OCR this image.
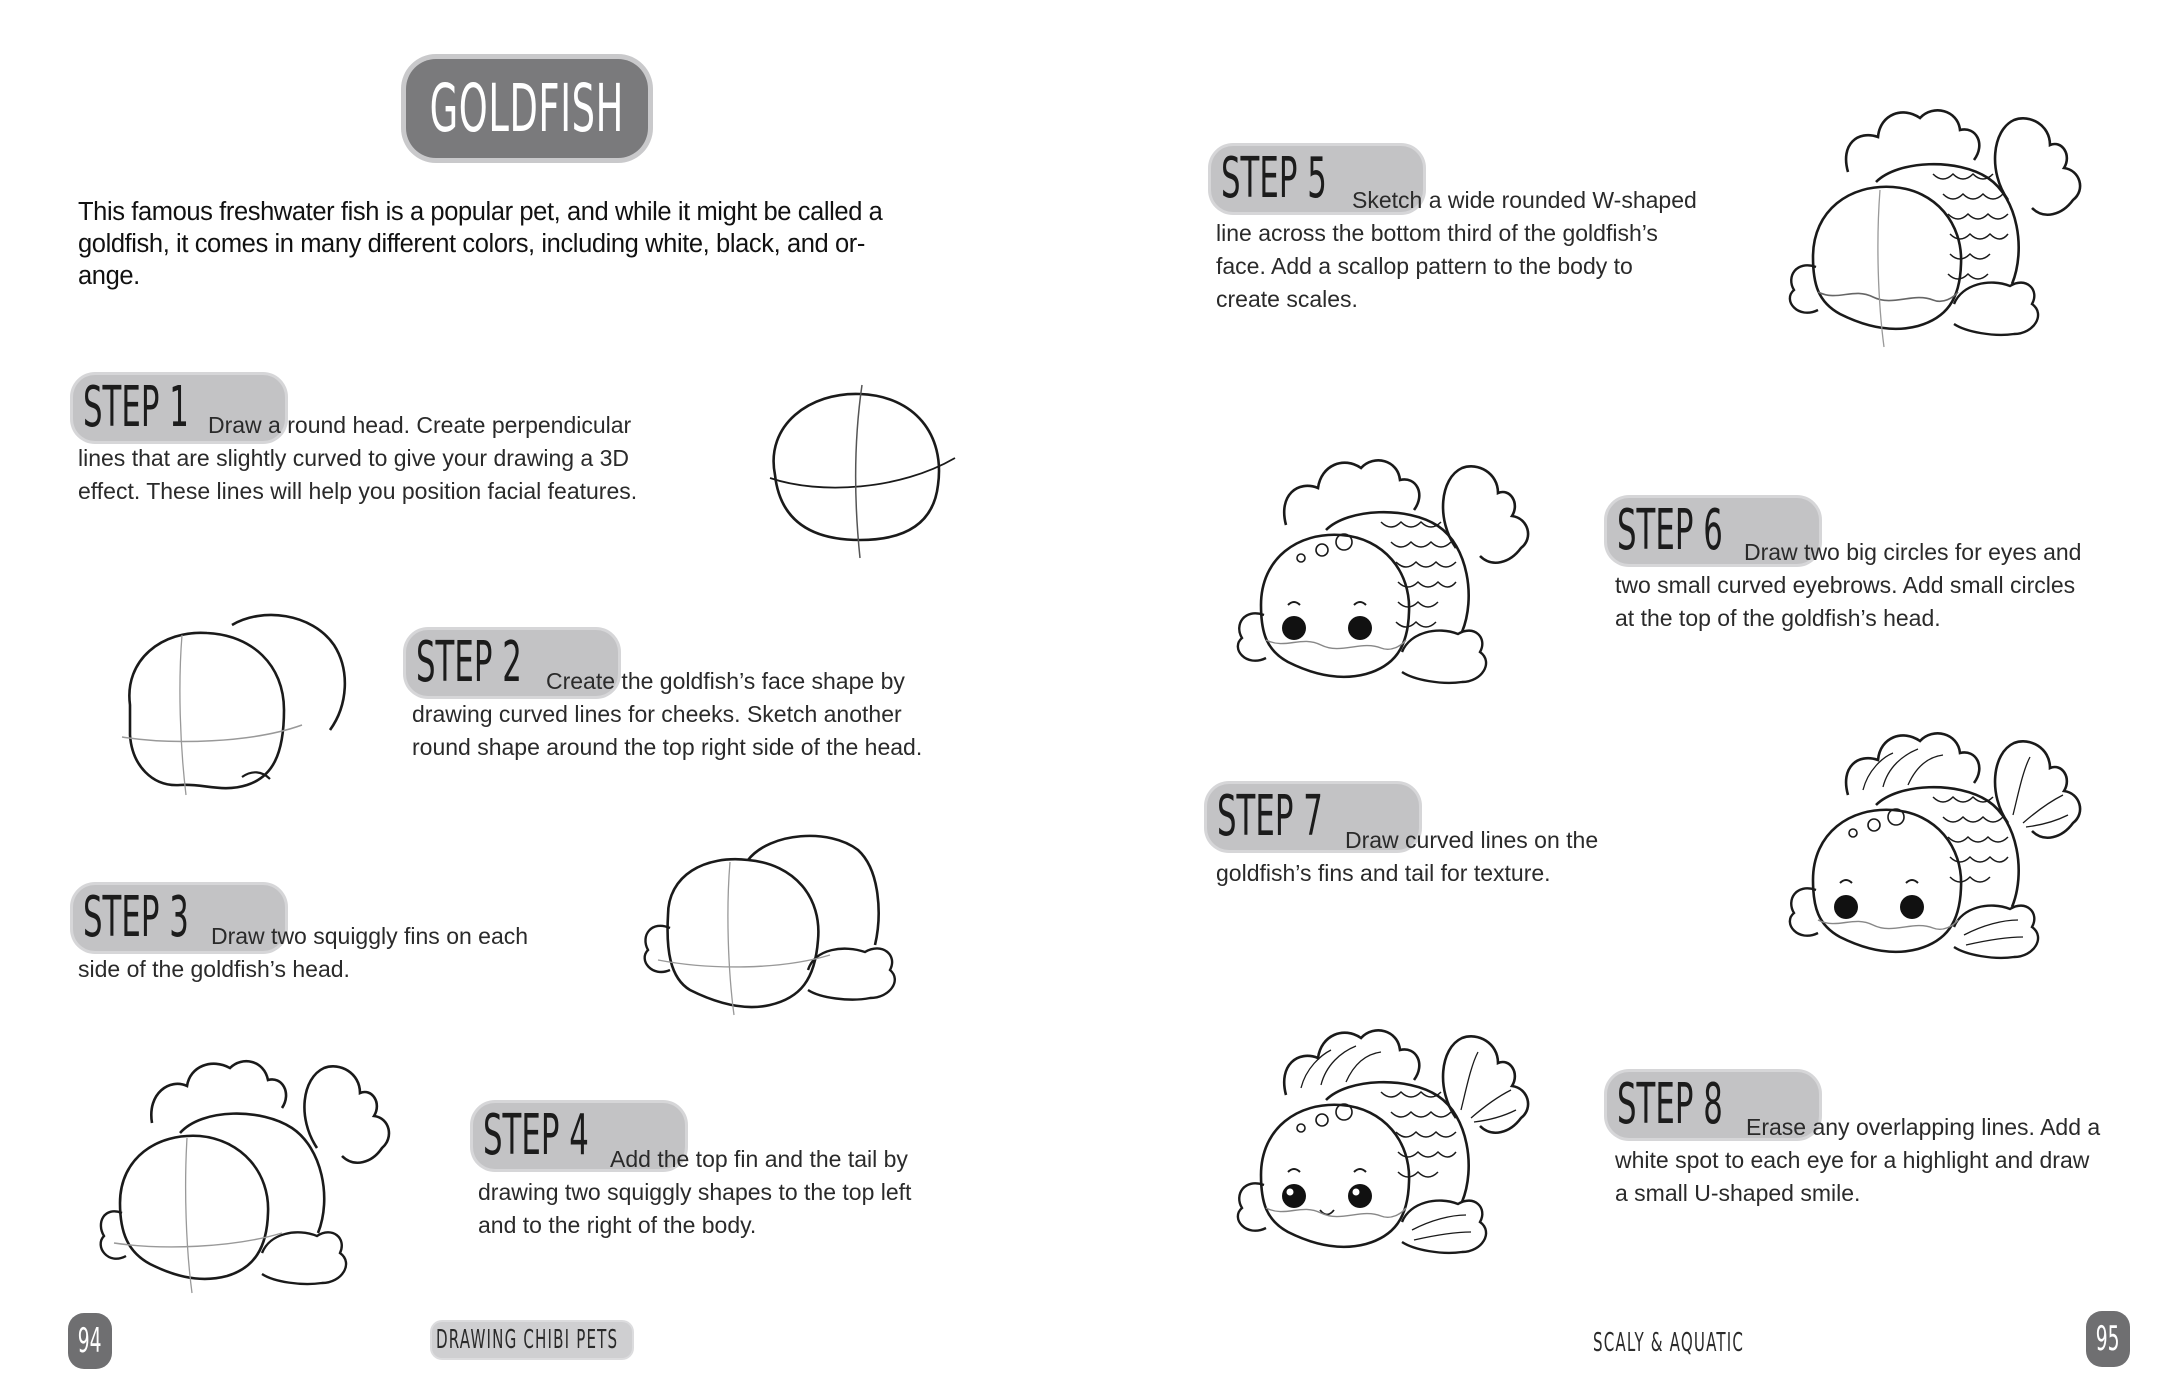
GOLDFISH
This famous freshwater fish is a popular pet, and while it might be called a
goldfish, it comes in many different colors, including white, black, and or-
ange.
STEP 1 Draw a round head. Create perpendicular
lines that are slightly curved to give your drawing a 3D
effect. These lines will help you position facial features.
STEP 2	Create the goldfish’s face shape by
drawing curved lines for cheeks. Sketch another
round shape around the top right side of the head.
STEP 3 Draw two squiggly fins on each
side of the goldfish’s head.
STEP 4 Add the top fin and the tail by
drawing two squiggly shapes to the top left
and to the right of the body.
94	DRAWING CHIBI PETS
STEP 5	Sketch a wide rounded W-shaped
line across the bottom third of the goldfish’s
face. Add a scallop pattern to the body to
create scales.
STEP 6 Draw two big circles for eyes and
two small curved eyebrows. Add small circles
at the top of the goldfish’s head.
STEP 7 Draw curved lines on the
goldfish’s fins and tail for texture.
STEP 8	Erase any overlapping lines. Add a
white spot to each eye for a highlight and draw
a small U-shaped smile.
SCALY & AQUATIC	95
